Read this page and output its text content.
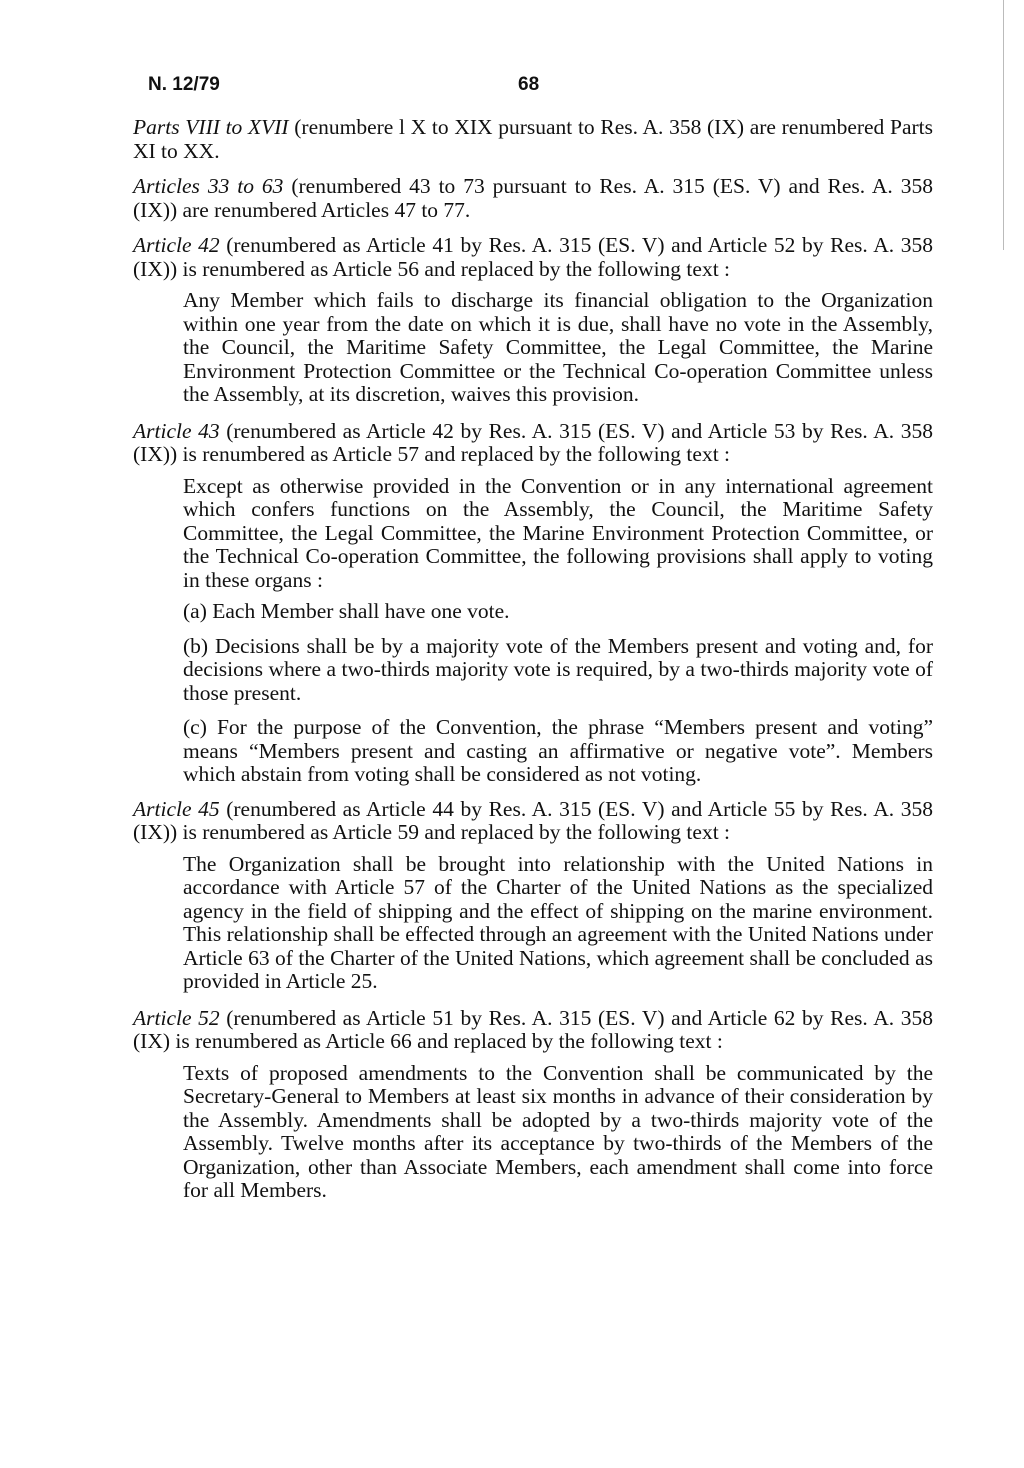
N. 12/79	68

Parts VIII to XVII (renumbere l X to XIX pursuant to Res. A. 358 (IX) are renumbered Parts XI to XX.

Articles 33 to 63 (renumbered 43 to 73 pursuant to Res. A. 315 (ES. V) and Res. A. 358 (IX)) are renumbered Articles 47 to 77.

Article 42 (renumbered as Article 41 by Res. A. 315 (ES. V) and Article 52 by Res. A. 358 (IX)) is renumbered as Article 56 and replaced by the following text :

Any Member which fails to discharge its financial obligation to the Organization within one year from the date on which it is due, shall have no vote in the Assembly, the Council, the Maritime Safety Committee, the Legal Committee, the Marine Environment Protection Committee or the Technical Co-operation Committee unless the Assembly, at its discretion, waives this provision.

Article 43 (renumbered as Article 42 by Res. A. 315 (ES. V) and Article 53 by Res. A. 358 (IX)) is renumbered as Article 57 and replaced by the following text :

Except as otherwise provided in the Convention or in any international agreement which confers functions on the Assembly, the Council, the Maritime Safety Committee, the Legal Committee, the Marine Environment Protection Committee, or the Technical Co-operation Committee, the following provisions shall apply to voting in these organs :

(a) Each Member shall have one vote.

(b) Decisions shall be by a majority vote of the Members present and voting and, for decisions where a two-thirds majority vote is required, by a two-thirds majority vote of those present.

(c) For the purpose of the Convention, the phrase “Members present and voting” means “Members present and casting an affirmative or negative vote”. Members which abstain from voting shall be considered as not voting.

Article 45 (renumbered as Article 44 by Res. A. 315 (ES. V) and Article 55 by Res. A. 358 (IX)) is renumbered as Article 59 and replaced by the following text :

The Organization shall be brought into relationship with the United Nations in accordance with Article 57 of the Charter of the United Nations as the specialized agency in the field of shipping and the effect of shipping on the marine environment. This relationship shall be effected through an agreement with the United Nations under Article 63 of the Charter of the United Nations, which agreement shall be concluded as provided in Article 25.

Article 52 (renumbered as Article 51 by Res. A. 315 (ES. V) and Article 62 by Res. A. 358 (IX) is renumbered as Article 66 and replaced by the following text :

Texts of proposed amendments to the Convention shall be communicated by the Secretary-General to Members at least six months in advance of their consideration by the Assembly. Amendments shall be adopted by a two-thirds majority vote of the Assembly. Twelve months after its acceptance by two-thirds of the Members of the Organization, other than Associate Members, each amendment shall come into force for all Members.
